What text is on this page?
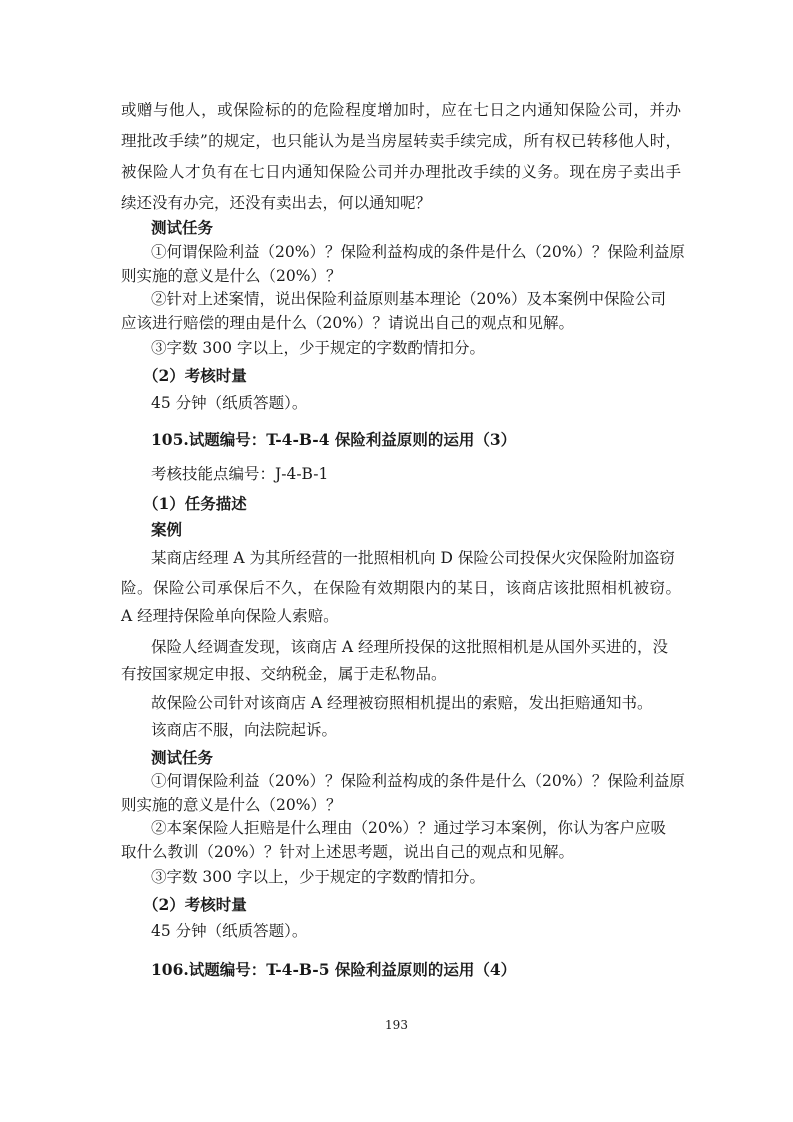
或赠与他人，或保险标的的危险程度增加时，应在七日之内通知保险公司，并办
理批改手续”的规定，也只能认为是当房屋转卖手续完成，所有权已转移他人时，
被保险人才负有在七日内通知保险公司并办理批改手续的义务。现在房子卖出手
续还没有办完，还没有卖出去，何以通知呢？
测试任务
①何谓保险利益（20%）？保险利益构成的条件是什么（20%）？保险利益原
则实施的意义是什么（20%）？
②针对上述案情，说出保险利益原则基本理论（20%）及本案例中保险公司
应该进行赔偿的理由是什么（20%）？请说出自己的观点和见解。
③字数 300 字以上，少于规定的字数酌情扣分。
（2）考核时量
45 分钟（纸质答题）。
105.试题编号：T-4-B-4 保险利益原则的运用（3）
考核技能点编号：J-4-B-1
（1）任务描述
案例
某商店经理 A 为其所经营的一批照相机向 D 保险公司投保火灾保险附加盗窃
险。保险公司承保后不久，在保险有效期限内的某日，该商店该批照相机被窃。
A 经理持保险单向保险人索赔。
保险人经调查发现，该商店 A 经理所投保的这批照相机是从国外买进的，没
有按国家规定申报、交纳税金，属于走私物品。
故保险公司针对该商店 A 经理被窃照相机提出的索赔，发出拒赔通知书。
该商店不服，向法院起诉。
测试任务
①何谓保险利益（20%）？保险利益构成的条件是什么（20%）？保险利益原
则实施的意义是什么（20%）？
②本案保险人拒赔是什么理由（20%）？通过学习本案例，你认为客户应吸
取什么教训（20%）？针对上述思考题，说出自己的观点和见解。
③字数 300 字以上，少于规定的字数酌情扣分。
（2）考核时量
45 分钟（纸质答题）。
106.试题编号：T-4-B-5 保险利益原则的运用（4）
193
